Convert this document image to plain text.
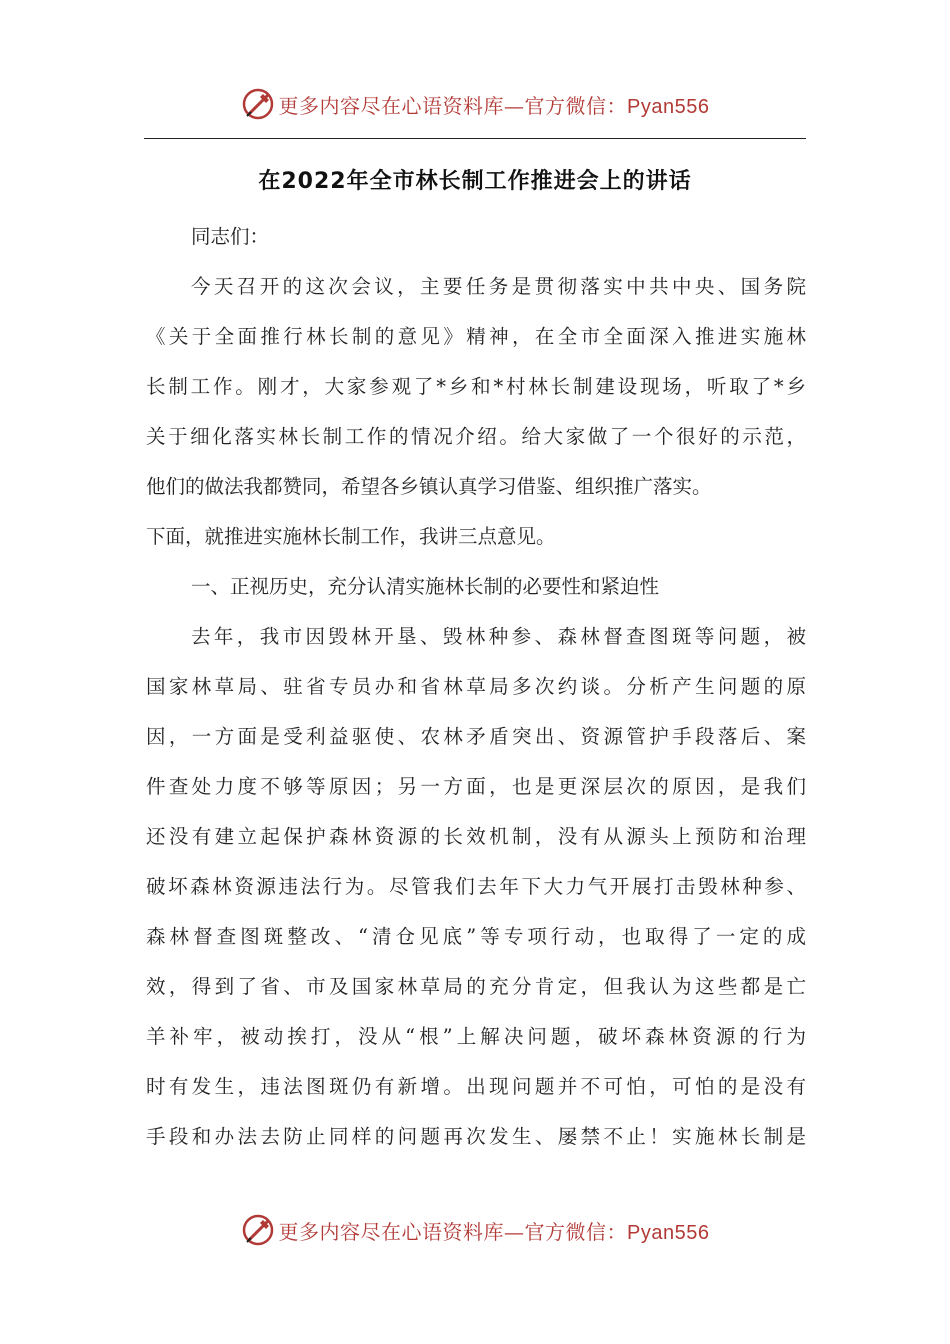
更多内容尽在心语资料库—官方微信：Pyan556
在2022年全市林长制工作推进会上的讲话
同志们：
今天召开的这次会议，主要任务是贯彻落实中共中央、国务院
《关于全面推行林长制的意见》精神，在全市全面深入推进实施林
长制工作。刚才，大家参观了*乡和*村林长制建设现场，听取了*乡
关于细化落实林长制工作的情况介绍。给大家做了一个很好的示范，
他们的做法我都赞同，希望各乡镇认真学习借鉴、组织推广落实。
下面，就推进实施林长制工作，我讲三点意见。
一、正视历史，充分认清实施林长制的必要性和紧迫性
去年，我市因毁林开垦、毁林种参、森林督查图斑等问题，被
国家林草局、驻省专员办和省林草局多次约谈。分析产生问题的原
因，一方面是受利益驱使、农林矛盾突出、资源管护手段落后、案
件查处力度不够等原因；另一方面，也是更深层次的原因，是我们
还没有建立起保护森林资源的长效机制，没有从源头上预防和治理
破坏森林资源违法行为。尽管我们去年下大力气开展打击毁林种参、
森林督查图斑整改、“清仓见底”等专项行动，也取得了一定的成
效，得到了省、市及国家林草局的充分肯定，但我认为这些都是亡
羊补牢，被动挨打，没从“根”上解决问题，破坏森林资源的行为
时有发生，违法图斑仍有新增。出现问题并不可怕，可怕的是没有
手段和办法去防止同样的问题再次发生、屡禁不止！实施林长制是
更多内容尽在心语资料库—官方微信：Pyan556
